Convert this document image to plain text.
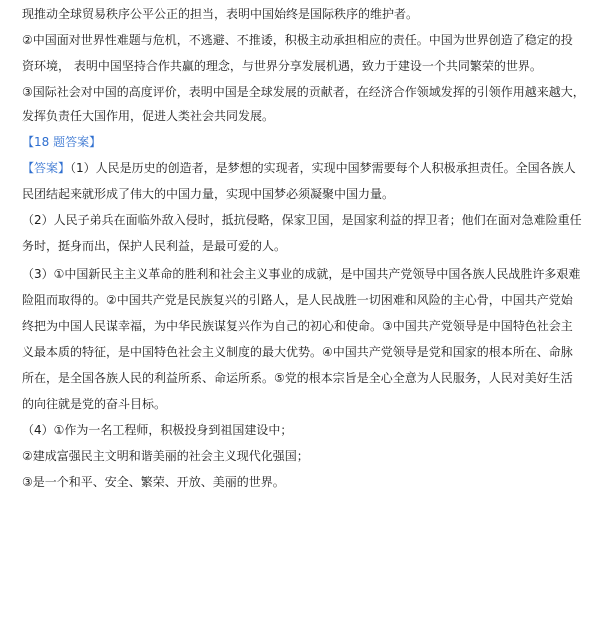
现推动全球贸易秩序公平公正的担当，表明中国始终是国际秩序的维护者。
②中国面对世界性难题与危机，不逃避、不推诿，积极主动承担相应的责任。中国为世界创造了稳定的投
资环境， 表明中国坚持合作共赢的理念，与世界分享发展机遇，致力于建设一个共同繁荣的世界。
③国际社会对中国的高度评价，表明中国是全球发展的贡献者，在经济合作领域发挥的引领作用越来越大，
发挥负责任大国作用，促进人类社会共同发展。
【18 题答案】
【答案】（1）人民是历史的创造者，是梦想的实现者，实现中国梦需要每个人积极承担责任。全国各族人
民团结起来就形成了伟大的中国力量，实现中国梦必须凝聚中国力量。
（2）人民子弟兵在面临外敌入侵时，抵抗侵略，保家卫国，是国家利益的捍卫者；他们在面对急难险重任
务时，挺身而出，保护人民利益，是最可爱的人。
（3）①中国新民主主义革命的胜利和社会主义事业的成就，是中国共产党领导中国各族人民战胜许多艰难
险阻而取得的。②中国共产党是民族复兴的引路人，是人民战胜一切困难和风险的主心骨，中国共产党始
终把为中国人民谋幸福，为中华民族谋复兴作为自己的初心和使命。③中国共产党领导是中国特色社会主
义最本质的特征，是中国特色社会主义制度的最大优势。④中国共产党领导是党和国家的根本所在、命脉
所在，是全国各族人民的利益所系、命运所系。⑤党的根本宗旨是全心全意为人民服务，人民对美好生活
的向往就是党的奋斗目标。
（4）①作为一名工程师，积极投身到祖国建设中；
②建成富强民主文明和谐美丽的社会主义现代化强国；
③是一个和平、安全、繁荣、开放、美丽的世界。
